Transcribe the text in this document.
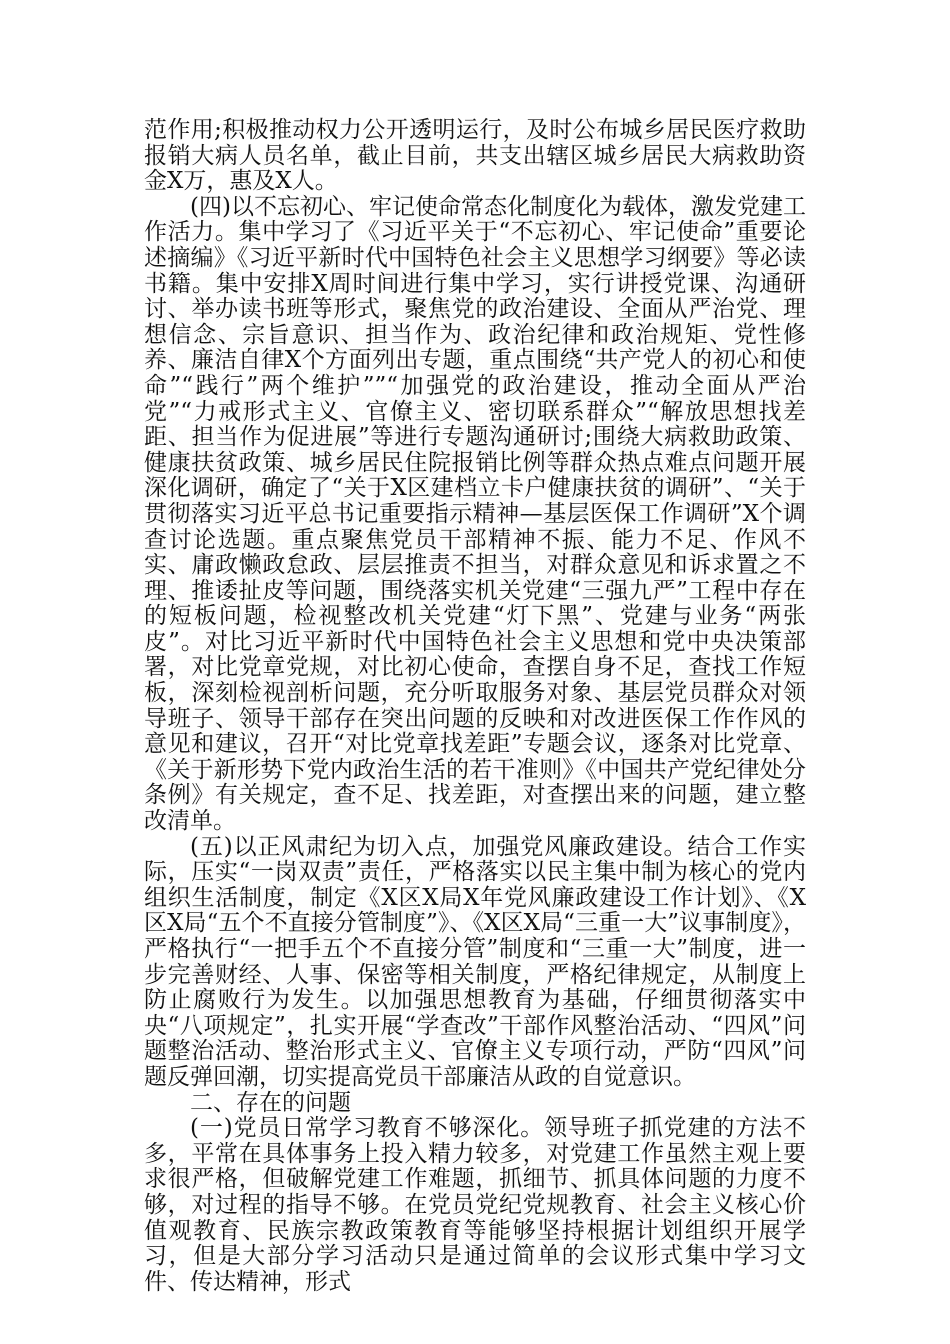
范作用;积极推动权力公开透明运行，及时公布城乡居民医疗救助报销大病人员名单，截止目前，共支出辖区城乡居民大病救助资金X万，惠及X人。

(四)以不忘初心、牢记使命常态化制度化为载体，激发党建工作活力。集中学习了《习近平关于“不忘初心、牢记使命”重要论述摘编》《习近平新时代中国特色社会主义思想学习纲要》等必读书籍。集中安排X周时间进行集中学习，实行讲授党课、沟通研讨、举办读书班等形式，聚焦党的政治建设、全面从严治党、理想信念、宗旨意识、担当作为、政治纪律和政治规矩、党性修养、廉洁自律X个方面列出专题，重点围绕“共产党人的初心和使命”“践行”两个维护””“加强党的政治建设，推动全面从严治党”“力戒形式主义、官僚主义、密切联系群众”“解放思想找差距、担当作为促进展”等进行专题沟通研讨;围绕大病救助政策、健康扶贫政策、城乡居民住院报销比例等群众热点难点问题开展深化调研，确定了“关于X区建档立卡户健康扶贫的调研”、“关于贯彻落实习近平总书记重要指示精神—基层医保工作调研”X个调查讨论选题。重点聚焦党员干部精神不振、能力不足、作风不实、庸政懒政怠政、层层推责不担当，对群众意见和诉求置之不理、推诿扯皮等问题，围绕落实机关党建“三强九严”工程中存在的短板问题，检视整改机关党建“灯下黑”、党建与业务“两张皮”。对比习近平新时代中国特色社会主义思想和党中央决策部署，对比党章党规，对比初心使命，查摆自身不足，查找工作短板，深刻检视剖析问题，充分听取服务对象、基层党员群众对领导班子、领导干部存在突出问题的反映和对改进医保工作作风的意见和建议，召开“对比党章找差距”专题会议，逐条对比党章、《关于新形势下党内政治生活的若干准则》《中国共产党纪律处分条例》有关规定，查不足、找差距，对查摆出来的问题，建立整改清单。

(五)以正风肃纪为切入点，加强党风廉政建设。结合工作实际，压实“一岗双责”责任，严格落实以民主集中制为核心的党内组织生活制度，制定《X区X局X年党风廉政建设工作计划》、《X区X局“五个不直接分管制度”》、《X区X局“三重一大”议事制度》，严格执行“一把手五个不直接分管”制度和“三重一大”制度，进一步完善财经、人事、保密等相关制度，严格纪律规定，从制度上防止腐败行为发生。以加强思想教育为基础，仔细贯彻落实中央“八项规定”，扎实开展“学查改”干部作风整治活动、“四风”问题整治活动、整治形式主义、官僚主义专项行动，严防“四风”问题反弹回潮，切实提高党员干部廉洁从政的自觉意识。

二、存在的问题

(一)党员日常学习教育不够深化。领导班子抓党建的方法不多，平常在具体事务上投入精力较多，对党建工作虽然主观上要求很严格，但破解党建工作难题，抓细节、抓具体问题的力度不够，对过程的指导不够。在党员党纪党规教育、社会主义核心价值观教育、民族宗教政策教育等能够坚持根据计划组织开展学习，但是大部分学习活动只是通过简单的会议形式集中学习文件、传达精神，形式
